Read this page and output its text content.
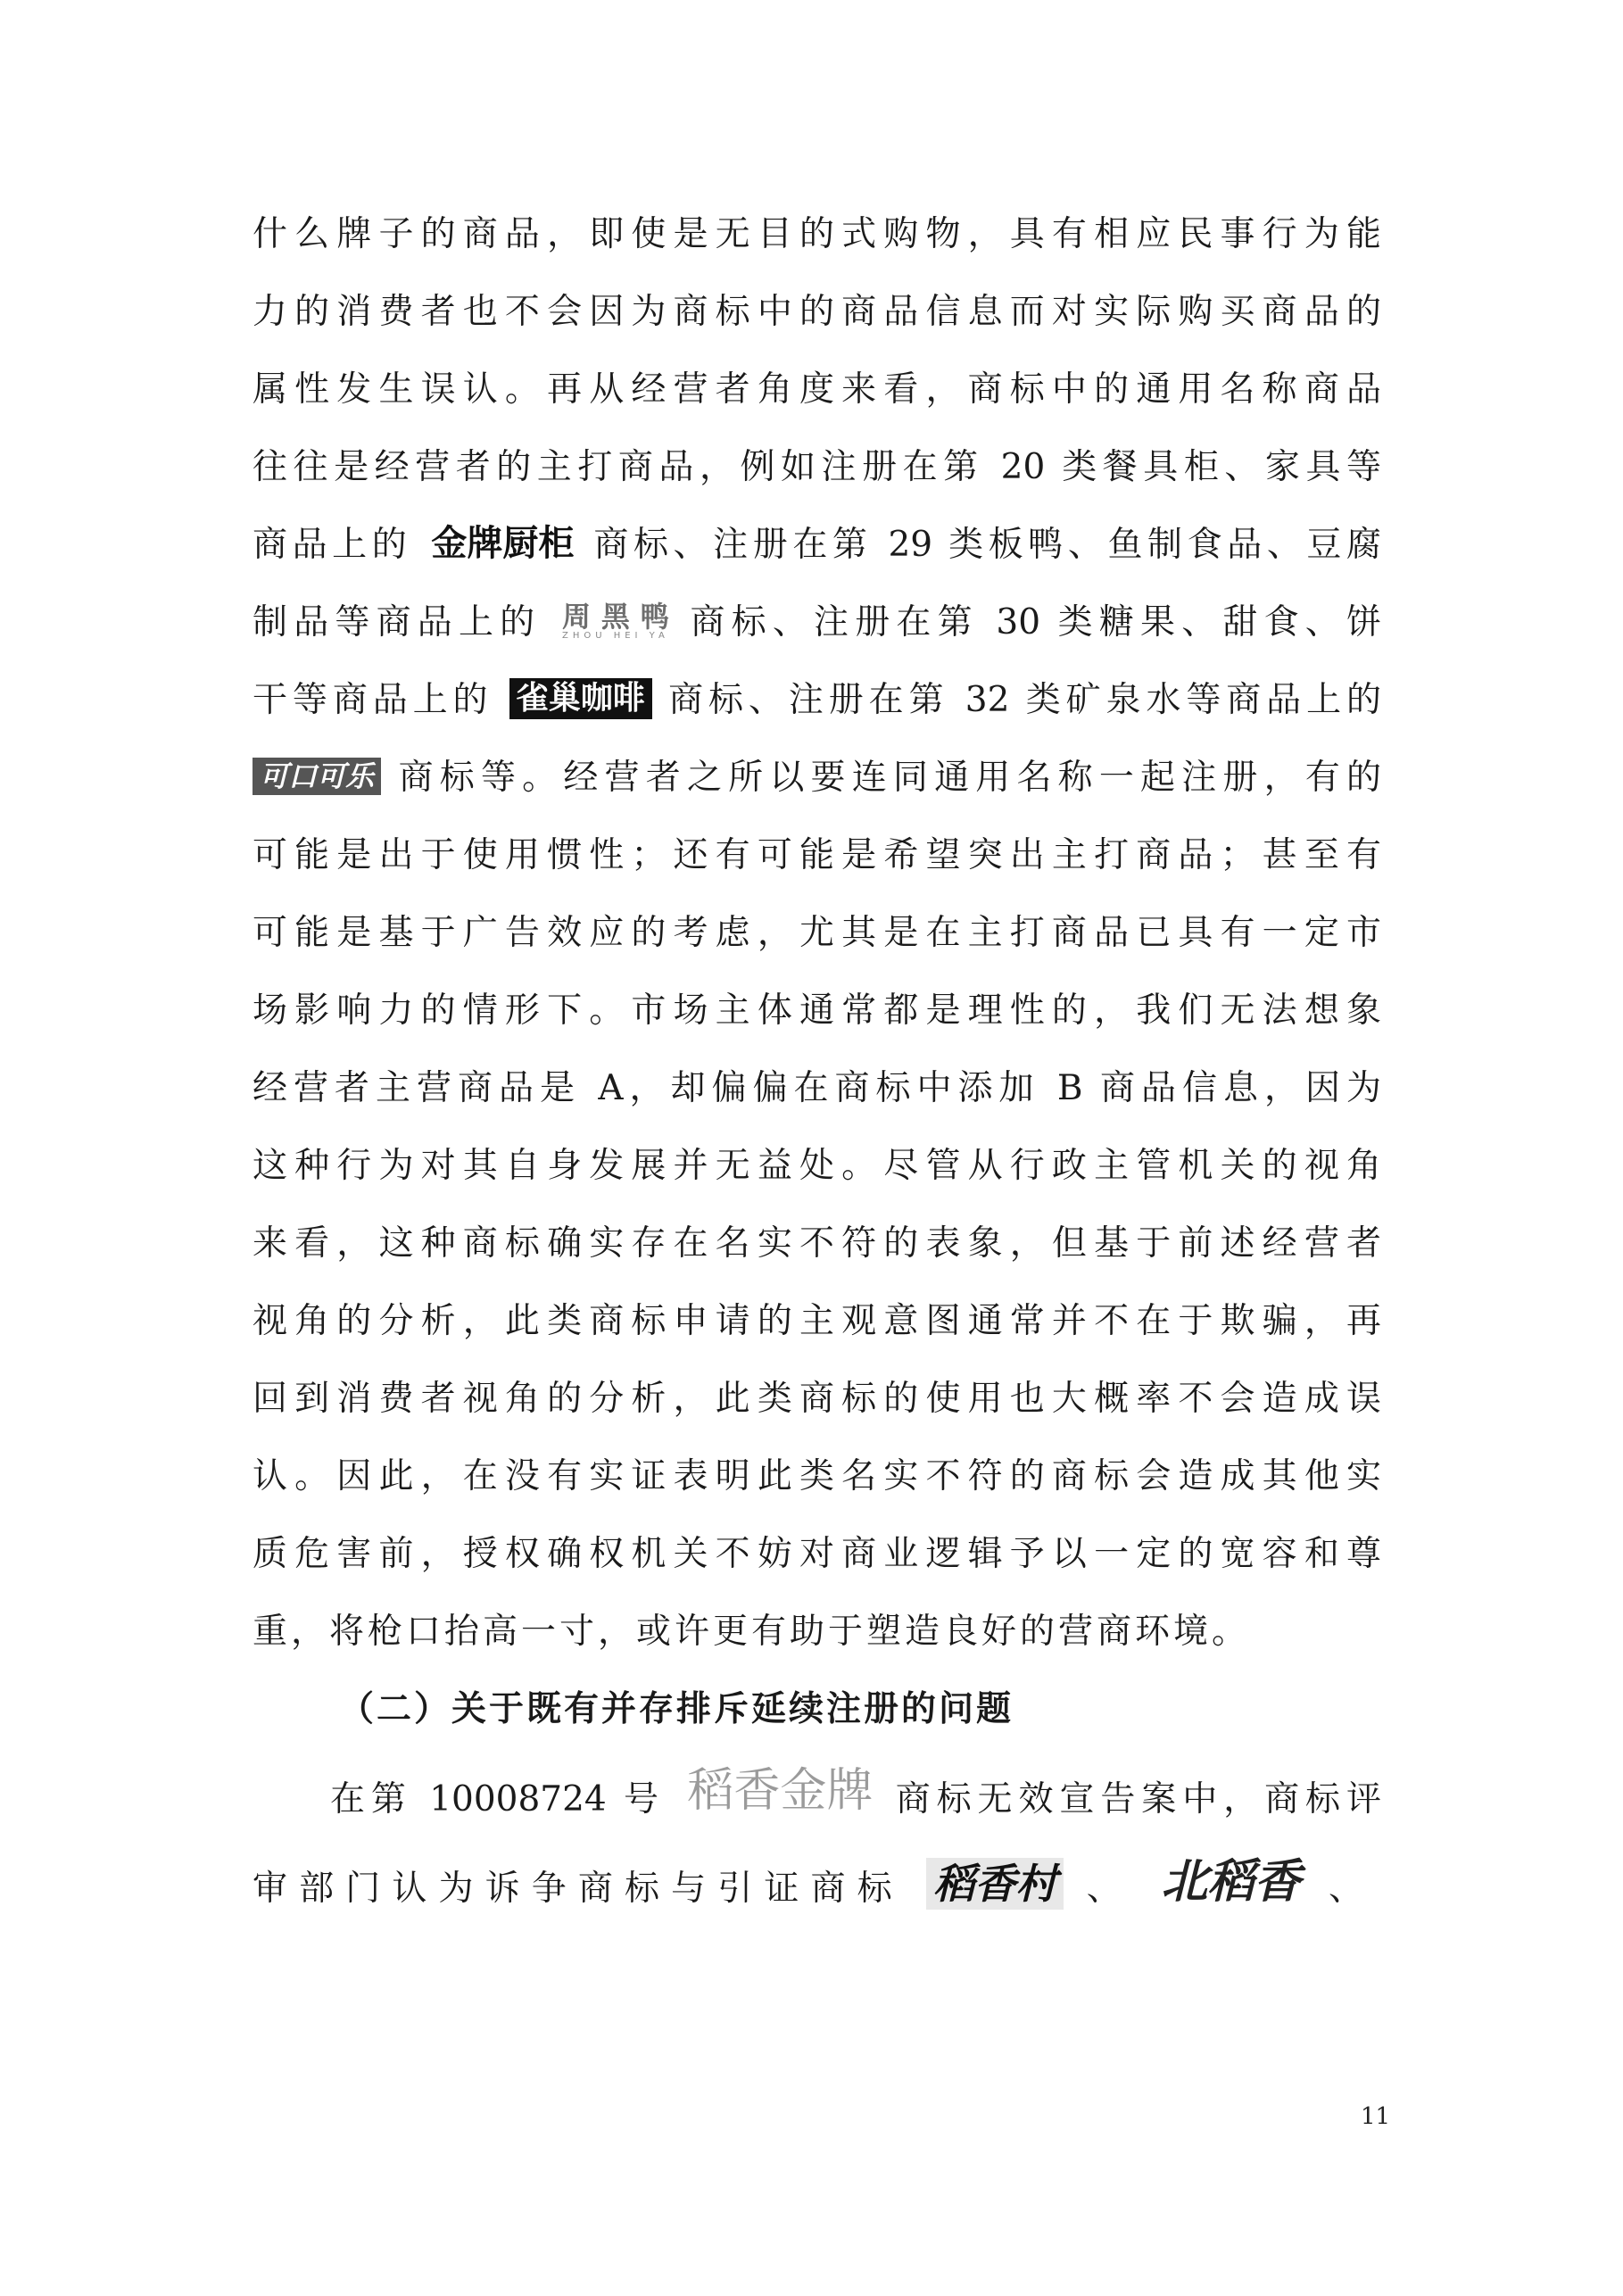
什么牌子的商品，即使是无目的式购物，具有相应民事行为能
力的消费者也不会因为商标中的商品信息而对实际购买商品的
属性发生误认。再从经营者角度来看，商标中的通用名称商品
往往是经营者的主打商品，例如注册在第 20 类餐具柜、家具等
商品上的 金牌厨柜 商标、注册在第 29 类板鸭、鱼制食品、豆腐
制品等商品上的 周黑鸭
ZHOU HEI YA 商标、注册在第 30 类糖果、甜食、饼
干等商品上的 雀巢咖啡 商标、注册在第 32 类矿泉水等商品上的
可口可乐 商标等。经营者之所以要连同通用名称一起注册，有的
可能是出于使用惯性；还有可能是希望突出主打商品；甚至有
可能是基于广告效应的考虑，尤其是在主打商品已具有一定市
场影响力的情形下。市场主体通常都是理性的，我们无法想象
经营者主营商品是 A，却偏偏在商标中添加 B 商品信息，因为
这种行为对其自身发展并无益处。尽管从行政主管机关的视角
来看，这种商标确实存在名实不符的表象，但基于前述经营者
视角的分析，此类商标申请的主观意图通常并不在于欺骗，再
回到消费者视角的分析，此类商标的使用也大概率不会造成误
认。因此，在没有实证表明此类名实不符的商标会造成其他实
质危害前，授权确权机关不妨对商业逻辑予以一定的宽容和尊
重，将枪口抬高一寸，或许更有助于塑造良好的营商环境。
（二）关于既有并存排斥延续注册的问题
在第 10008724 号 稻香金牌 商标无效宣告案中，商标评
审部门认为诉争商标与引证商标 稻香村 、 北稻香 、
11
